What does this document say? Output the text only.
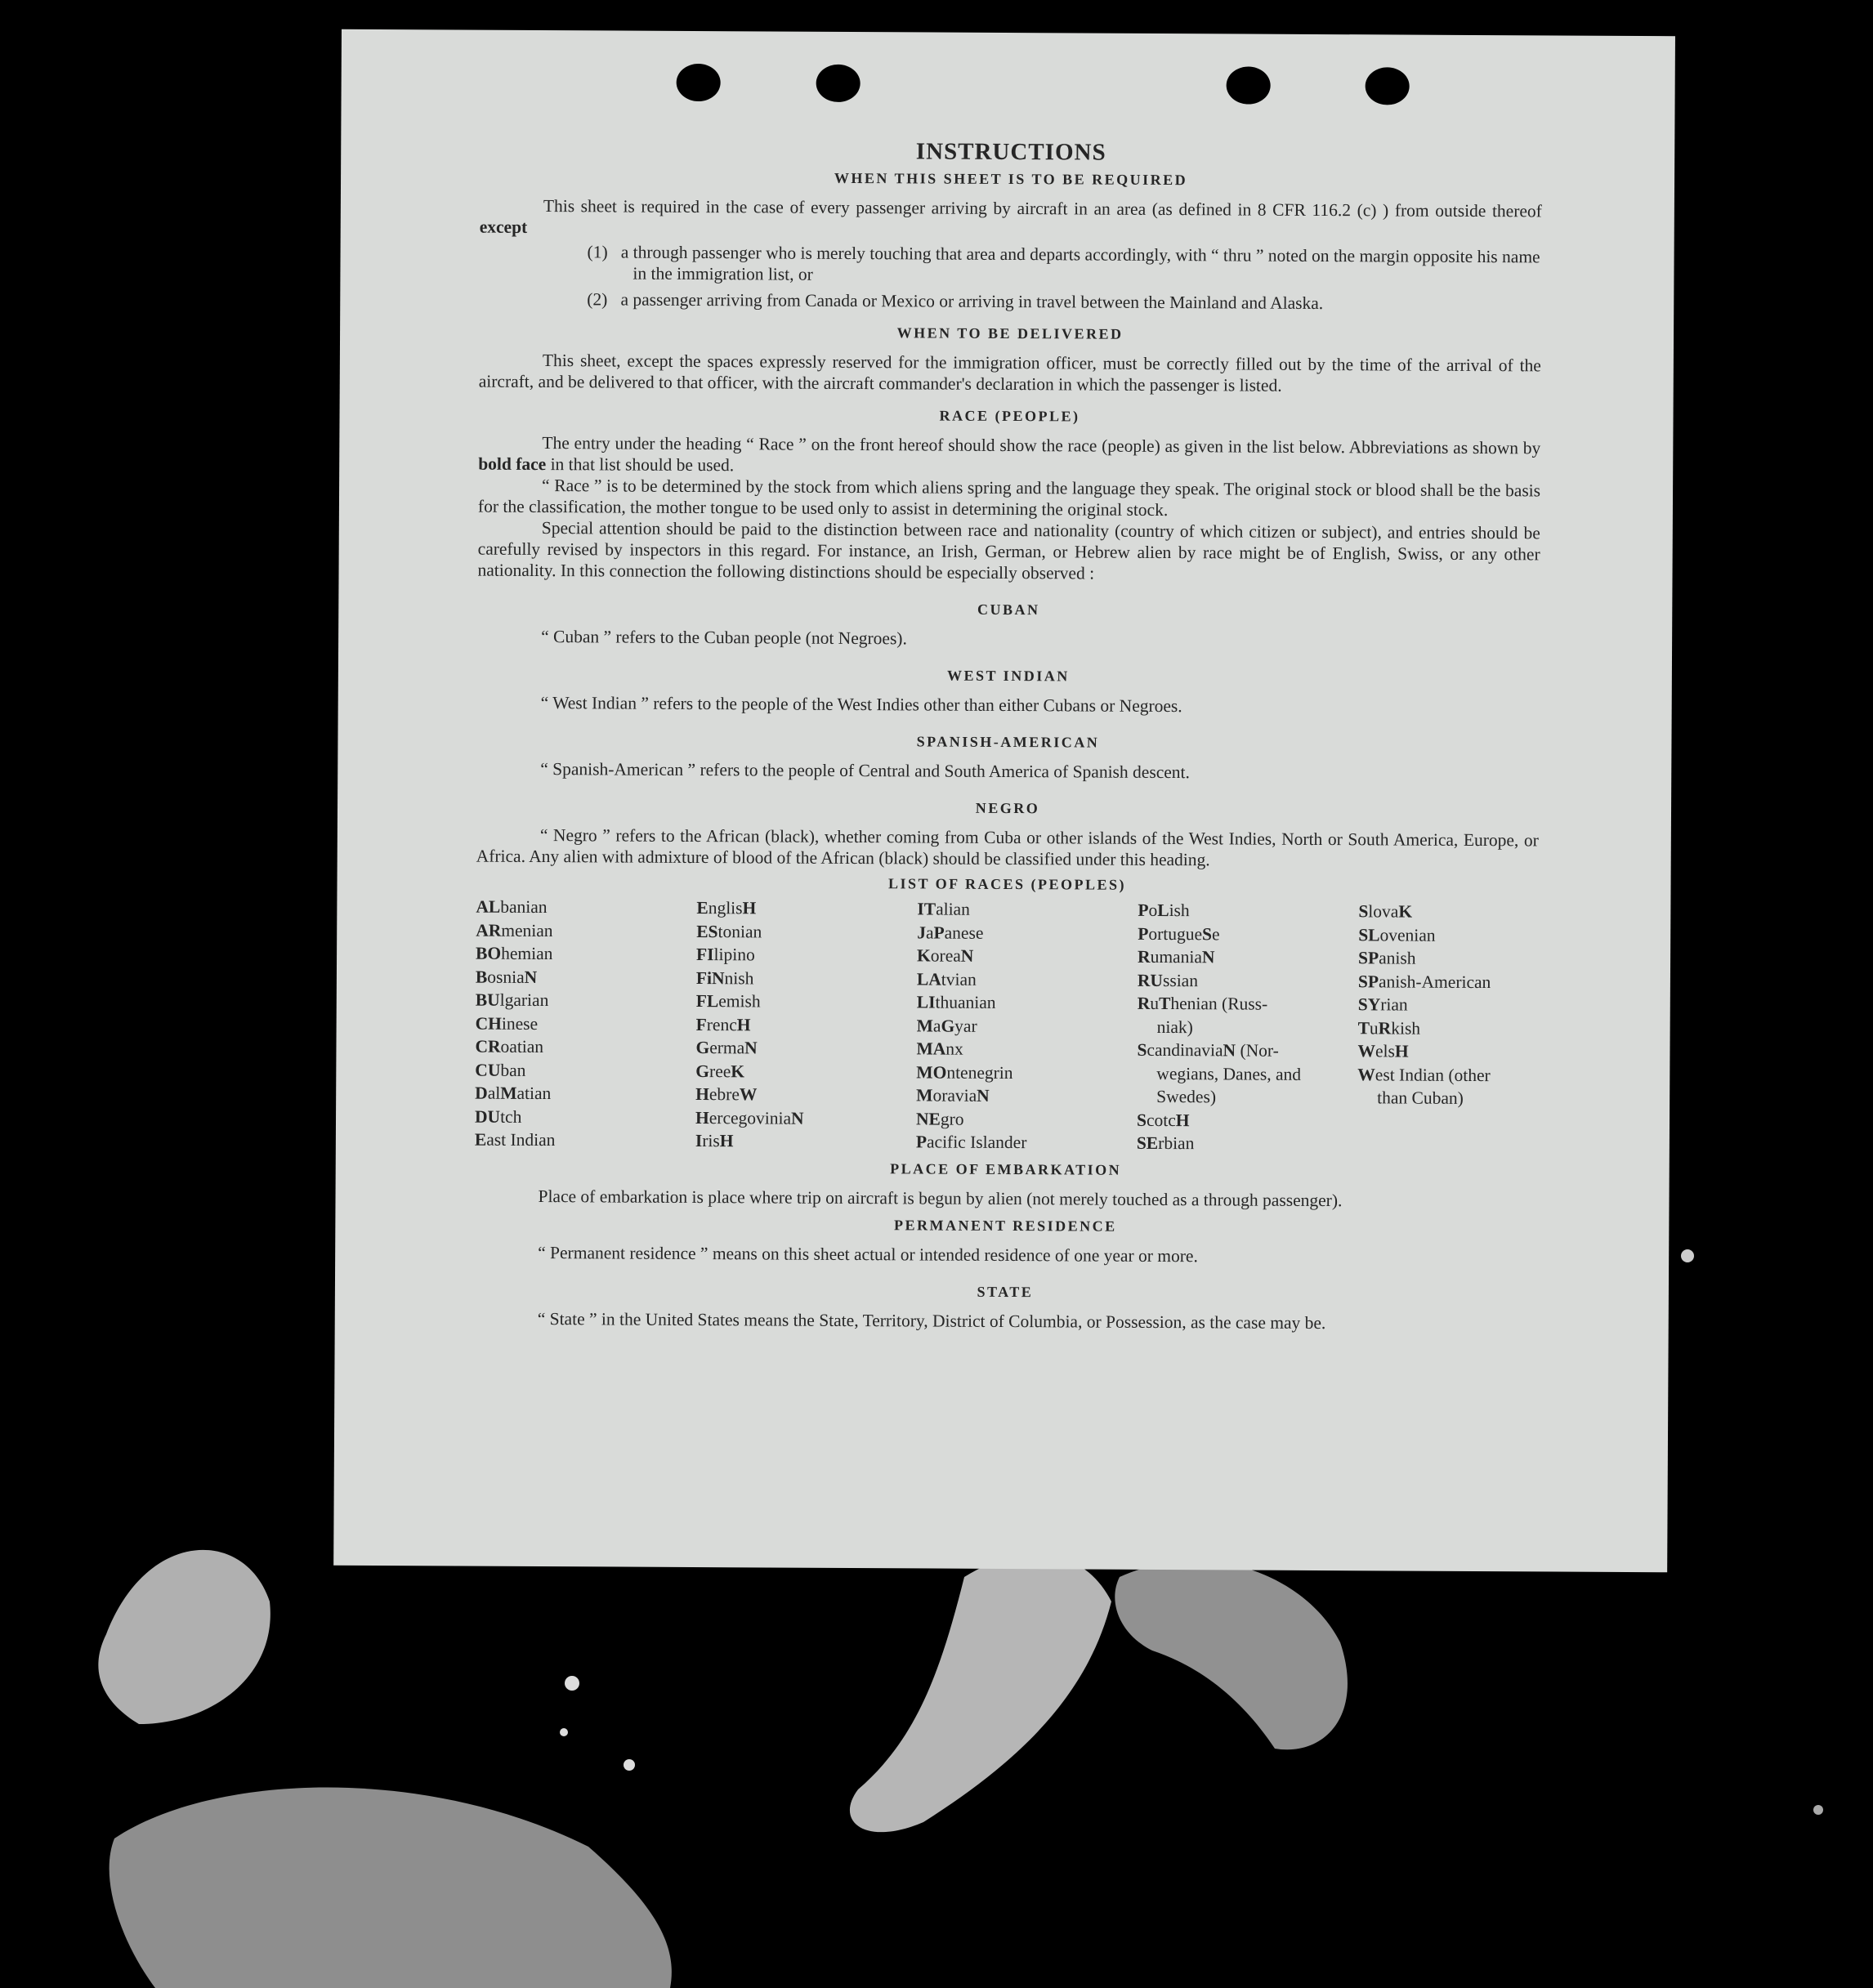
INSTRUCTIONS
WHEN THIS SHEET IS TO BE REQUIRED

This sheet is required in the case of every passenger arriving by aircraft in an area (as defined in 8 CFR 116.2 (c) ) from outside thereof except

(1) a through passenger who is merely touching that area and departs accordingly, with “ thru ” noted on the margin opposite his name in the immigration list, or
(2) a passenger arriving from Canada or Mexico or arriving in travel between the Mainland and Alaska.
WHEN TO BE DELIVERED

This sheet, except the spaces expressly reserved for the immigration officer, must be correctly filled out by the time of the arrival of the aircraft, and be delivered to that officer, with the aircraft commander's declaration in which the passenger is listed.

RACE (PEOPLE)

The entry under the heading “ Race ” on the front hereof should show the race (people) as given in the list below. Abbreviations as shown by bold face in that list should be used.

“ Race ” is to be determined by the stock from which aliens spring and the language they speak. The original stock or blood shall be the basis for the classification, the mother tongue to be used only to assist in determining the original stock.

Special attention should be paid to the distinction between race and nationality (country of which citizen or subject), and entries should be carefully revised by inspectors in this regard. For instance, an Irish, German, or Hebrew alien by race might be of English, Swiss, or any other nationality. In this connection the following distinctions should be especially observed :

CUBAN

“ Cuban ” refers to the Cuban people (not Negroes).

WEST INDIAN

“ West Indian ” refers to the people of the West Indies other than either Cubans or Negroes.

SPANISH-AMERICAN

“ Spanish-American ” refers to the people of Central and South America of Spanish descent.

NEGRO

“ Negro ” refers to the African (black), whether coming from Cuba or other islands of the West Indies, North or South America, Europe, or Africa. Any alien with admixture of blood of the African (black) should be classified under this heading.

LIST OF RACES (PEOPLES)
ALbanian
ARmenian
BOhemian
BosniaN
BUlgarian
CHinese
CRoatian
CUban
DalMatian
DUtch
East Indian
EnglisH
EStonian
FIlipino
FiNnish
FLemish
FrencH
GermaN
GreeK
HebreW
HercegoviniaN
IrisH
ITalian
JaPanese
KoreaN
LAtvian
LIthuanian
MaGyar
MAnx
MOntenegrin
MoraviaN
NEgro
Pacific Islander
PoLish
PortugueSe
RumaniaN
RUssian
RuThenian (Russ-
niak)
ScandinaviaN (Nor-
wegians, Danes, and Swedes)
ScotcH
SErbian
SlovaK
SLovenian
SPanish
SPanish-American
SYrian
TuRkish
WelsH
West Indian (other
than Cuban)
PLACE OF EMBARKATION

Place of embarkation is place where trip on aircraft is begun by alien (not merely touched as a through passenger).

PERMANENT RESIDENCE

“ Permanent residence ” means on this sheet actual or intended residence of one year or more.

STATE

“ State ” in the United States means the State, Territory, District of Columbia, or Possession, as the case may be.
